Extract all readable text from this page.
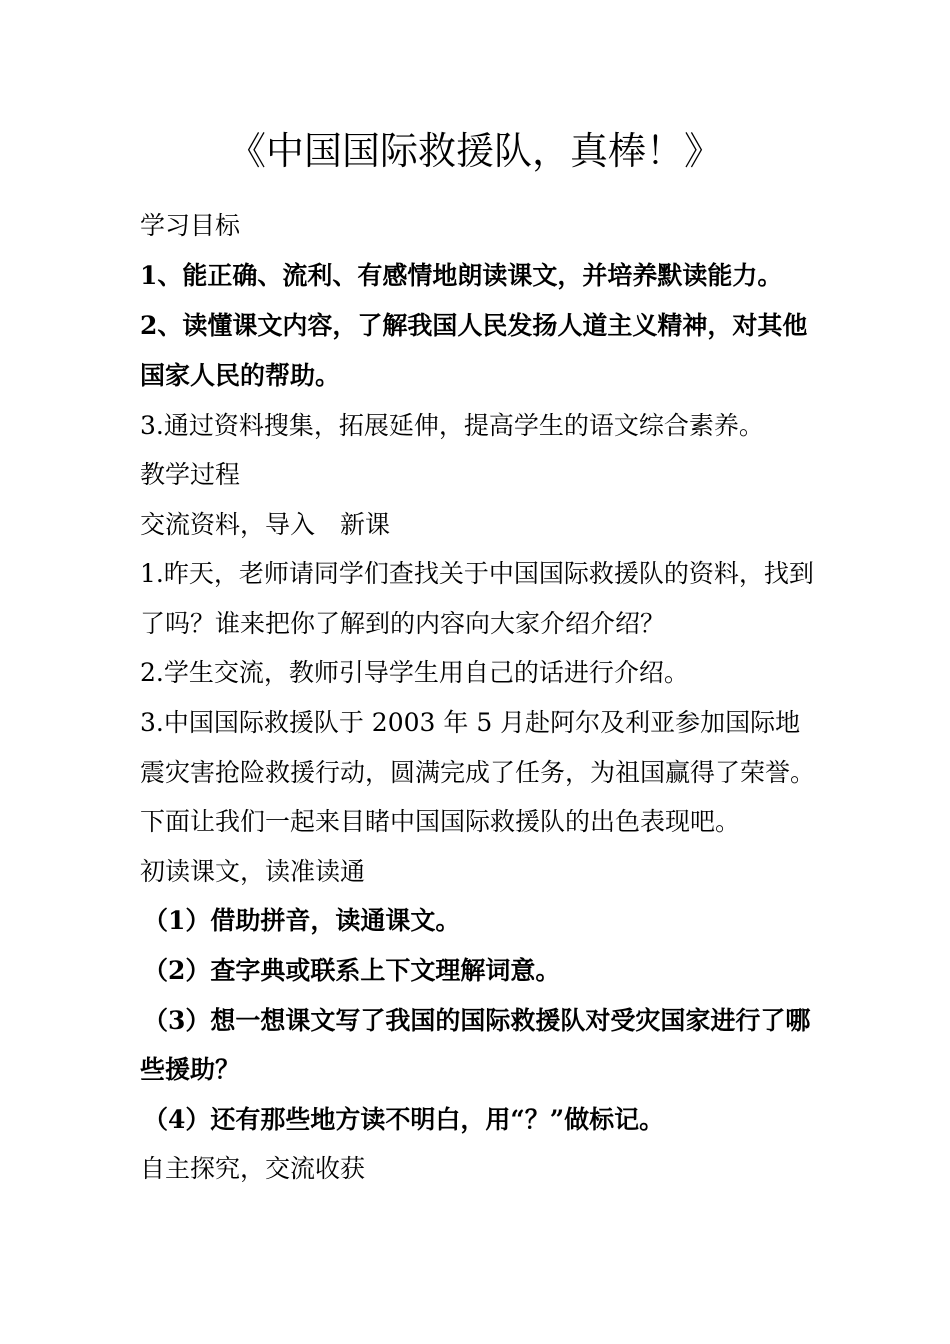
《中国国际救援队，真棒！》

学习目标

1、能正确、流利、有感情地朗读课文，并培养默读能力。

2、读懂课文内容，了解我国人民发扬人道主义精神，对其他

国家人民的帮助。

3.通过资料搜集，拓展延伸，提高学生的语文综合素养。

教学过程

交流资料，导入　新课

1.昨天，老师请同学们查找关于中国国际救援队的资料，找到

了吗？谁来把你了解到的内容向大家介绍介绍？

2.学生交流，教师引导学生用自己的话进行介绍。

3.中国国际救援队于 2003 年 5 月赴阿尔及利亚参加国际地

震灾害抢险救援行动，圆满完成了任务，为祖国赢得了荣誉。

下面让我们一起来目睹中国国际救援队的出色表现吧。

初读课文，读准读通

（1）借助拼音，读通课文。

（2）查字典或联系上下文理解词意。

（3）想一想课文写了我国的国际救援队对受灾国家进行了哪

些援助？

（4）还有那些地方读不明白，用“？”做标记。

自主探究，交流收获
